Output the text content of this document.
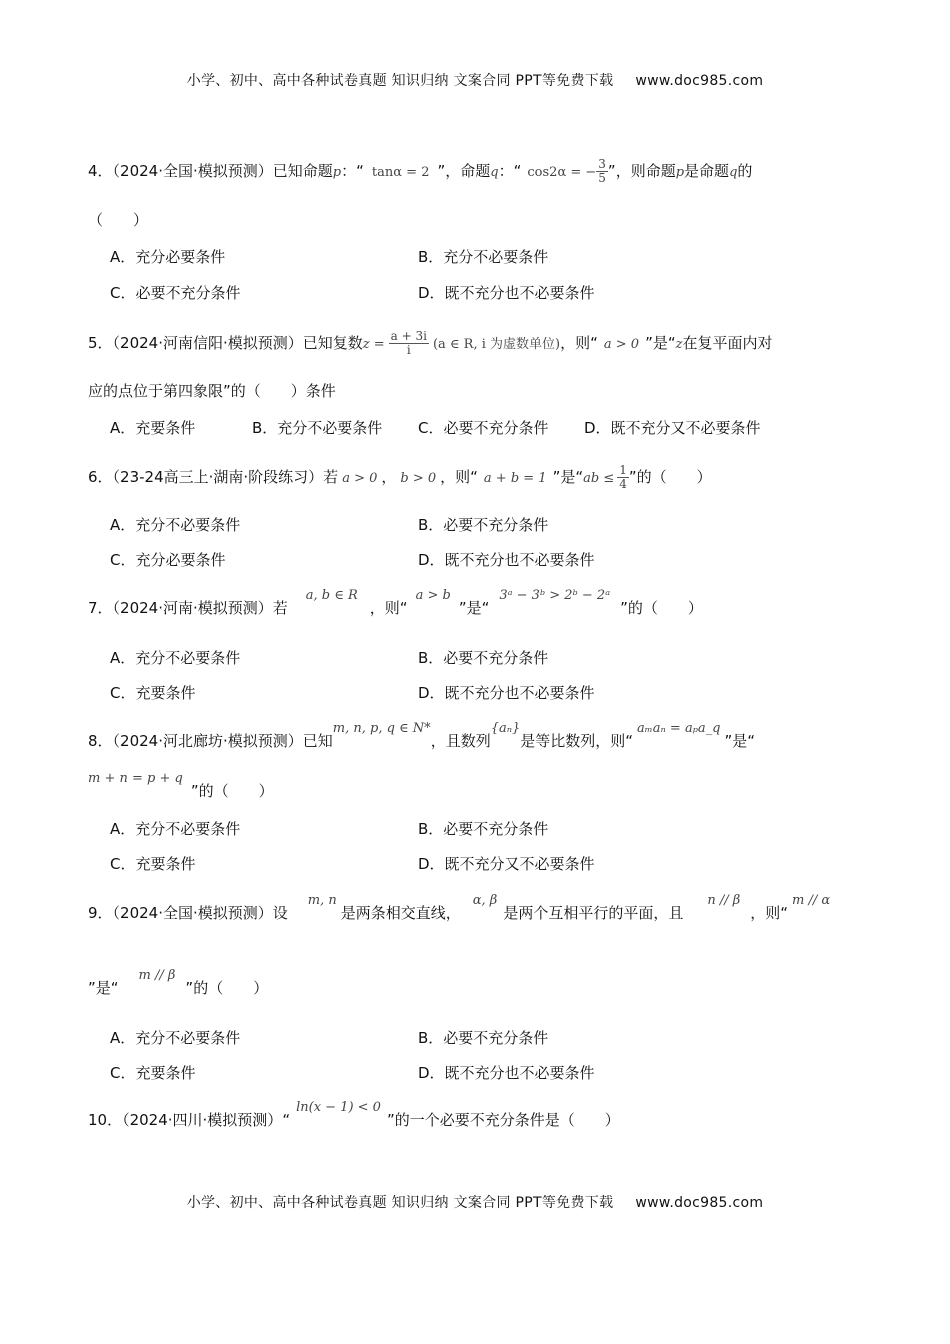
小学、初中、高中各种试卷真题 知识归纳 文案合同 PPT等免费下载 www.doc985.com
4．（2024·全国·模拟预测）已知命题p：“ tanα = 2 ”，命题q：“ cos2α = − $\frac{3}{5}$ ”，则命题p是命题q的
（　　）
A．充分必要条件	B．充分不必要条件
C．必要不充分条件	D．既不充分也不必要条件
5．（2024·河南信阳·模拟预测）已知复数$z = \frac{a + 3i}{i} (a$ ∈ R, i 为虚数单位)，则“ a > 0 ”是“z在复平面内对
应的点位于第四象限”的（　　）条件
A．充要条件	B．充分不必要条件 C．必要不充分条件 D．既不充分又不必要条件
6．（23-24高三上·湖南·阶段练习）若 a > 0 ， b > 0 ，则“ a + b = 1 ”是“ab ≤ $\frac{1}{4}$ ”的（　　）
A．充分不必要条件	B．必要不充分条件
C．充分必要条件	D．既不充分也不必要条件
7．（2024·河南·模拟预测）若a, b ∈ R，则“a > b”是“3ᵃ − 3ᵇ > 2ᵇ − 2ᵃ”的（　　）
A．充分不必要条件	B．必要不充分条件
C．充要条件	D．既不充分也不必要条件
8．（2024·河北廊坊·模拟预测）已知m, n, p, q ∈ N*，且数列{aₙ}是等比数列，则“aₘaₙ = aₚa_q”是“
m + n = p + q”的（　　）
A．充分不必要条件	B．必要不充分条件
C．充要条件	D．既不充分又不必要条件
9．（2024·全国·模拟预测）设m, n是两条相交直线，α, β是两个互相平行的平面，且n // β，则“m // α
”是“m // β”的（　　）
A．充分不必要条件	B．必要不充分条件
C．充要条件	D．既不充分也不必要条件
10．（2024·四川·模拟预测）“ln(x − 1) < 0”的一个必要不充分条件是（　　）
小学、初中、高中各种试卷真题 知识归纳 文案合同 PPT等免费下载 www.doc985.com
